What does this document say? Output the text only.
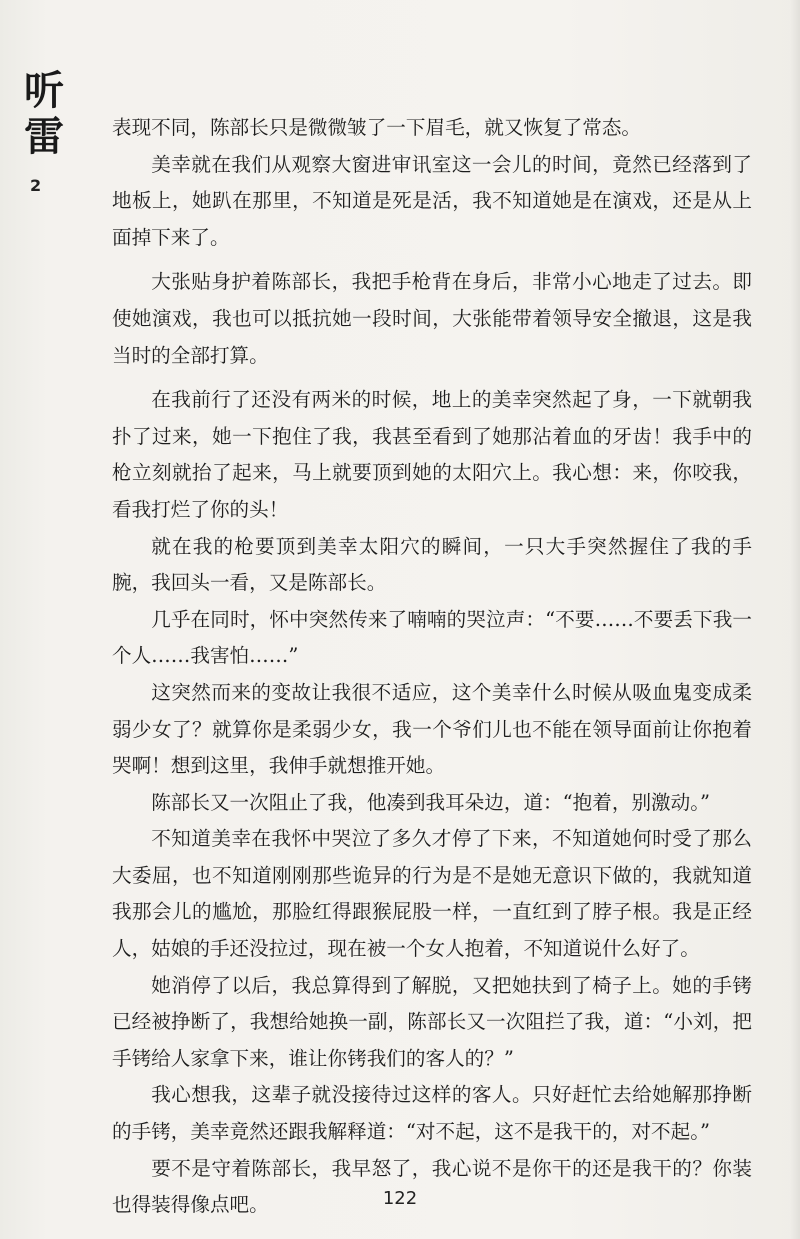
听雷
2

表现不同，陈部长只是微微皱了一下眉毛，就又恢复了常态。

美幸就在我们从观察大窗进审讯室这一会儿的时间，竟然已经落到了地板上，她趴在那里，不知道是死是活，我不知道她是在演戏，还是从上面掉下来了。

大张贴身护着陈部长，我把手枪背在身后，非常小心地走了过去。即使她演戏，我也可以抵抗她一段时间，大张能带着领导安全撤退，这是我当时的全部打算。

在我前行了还没有两米的时候，地上的美幸突然起了身，一下就朝我扑了过来，她一下抱住了我，我甚至看到了她那沾着血的牙齿！我手中的枪立刻就抬了起来，马上就要顶到她的太阳穴上。我心想：来，你咬我，看我打烂了你的头！

就在我的枪要顶到美幸太阳穴的瞬间，一只大手突然握住了我的手腕，我回头一看，又是陈部长。

几乎在同时，怀中突然传来了喃喃的哭泣声：“不要……不要丢下我一个人……我害怕……”

这突然而来的变故让我很不适应，这个美幸什么时候从吸血鬼变成柔弱少女了？就算你是柔弱少女，我一个爷们儿也不能在领导面前让你抱着哭啊！想到这里，我伸手就想推开她。

陈部长又一次阻止了我，他凑到我耳朵边，道：“抱着，别激动。”

不知道美幸在我怀中哭泣了多久才停了下来，不知道她何时受了那么大委屈，也不知道刚刚那些诡异的行为是不是她无意识下做的，我就知道我那会儿的尴尬，那脸红得跟猴屁股一样，一直红到了脖子根。我是正经人，姑娘的手还没拉过，现在被一个女人抱着，不知道说什么好了。

她消停了以后，我总算得到了解脱，又把她扶到了椅子上。她的手铐已经被挣断了，我想给她换一副，陈部长又一次阻拦了我，道：“小刘，把手铐给人家拿下来，谁让你铐我们的客人的？”

我心想我，这辈子就没接待过这样的客人。只好赶忙去给她解那挣断的手铐，美幸竟然还跟我解释道：“对不起，这不是我干的，对不起。”

要不是守着陈部长，我早怒了，我心说不是你干的还是我干的？你装也得装得像点吧。	122
